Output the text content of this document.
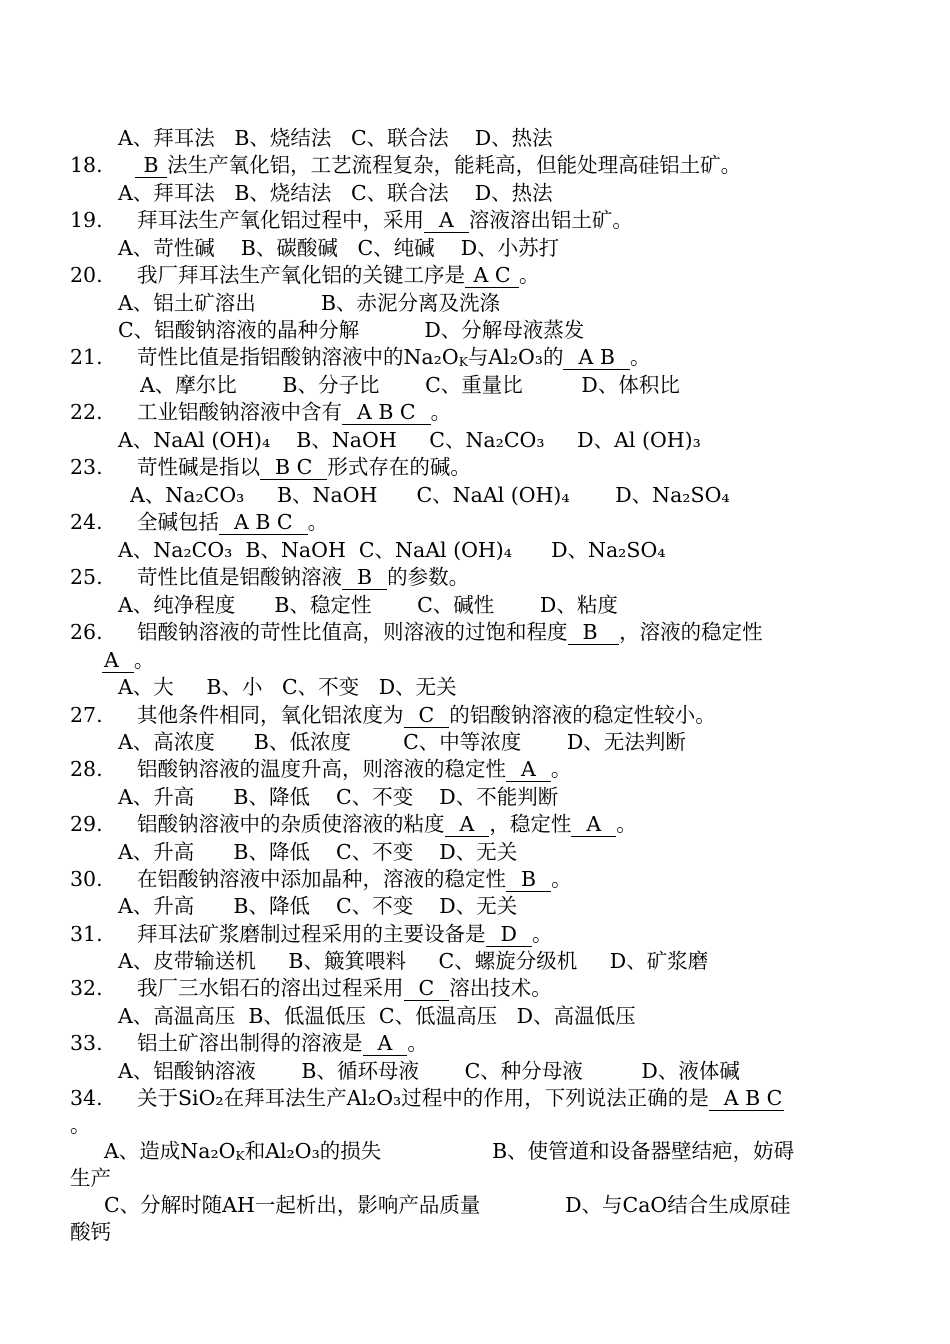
A、拜耳法   B、烧结法   C、联合法    D、热法
18. B 法生产氧化铝，工艺流程复杂，能耗高，但能处理高硅铝土矿。
A、拜耳法   B、烧结法   C、联合法    D、热法
19. 拜耳法生产氧化铝过程中，采用  A  溶液溶出铝土矿。
A、苛性碱    B、碳酸碱   C、纯碱    D、小苏打
20. 我厂拜耳法生产氧化铝的关键工序是 A C 。
A、铝土矿溶出          B、赤泥分离及洗涤
C、铝酸钠溶液的晶种分解          D、分解母液蒸发
21. 苛性比值是指铝酸钠溶液中的$Na_2O_K$与Al₂O₃的  A B  。
A、摩尔比       B、分子比       C、重量比         D、体积比
22. 工业铝酸钠溶液中含有  A B C  。
A、NaAl (OH)₄    B、NaOH     C、Na₂CO₃     D、Al (OH)₃
23. 苛性碱是指以  B C  形式存在的碱。
A、Na₂CO₃     B、NaOH      C、NaAl (OH)₄       D、Na₂SO₄
24. 全碱包括  A B C  。
A、Na₂CO₃  B、NaOH  C、NaAl (OH)₄      D、Na₂SO₄
25. 苛性比值是铝酸钠溶液  B  的参数。
A、纯净程度      B、稳定性       C、碱性       D、粘度
26. 铝酸钠溶液的苛性比值高，则溶液的过饱和程度  B   ，溶液的稳定性
A  。
A、大     B、小   C、不变   D、无关
27. 其他条件相同，氧化铝浓度为  C  的铝酸钠溶液的稳定性较小。
A、高浓度      B、低浓度        C、中等浓度       D、无法判断
28. 铝酸钠溶液的温度升高，则溶液的稳定性  A  。
A、升高      B、降低    C、不变    D、不能判断
29. 铝酸钠溶液中的杂质使溶液的粘度  A  ，稳定性  A  。
A、升高      B、降低    C、不变    D、无关
30. 在铝酸钠溶液中添加晶种，溶液的稳定性  B  。
A、升高      B、降低    C、不变    D、无关
31. 拜耳法矿浆磨制过程采用的主要设备是  D  。
A、皮带输送机     B、簸箕喂料     C、螺旋分级机     D、矿浆磨
32. 我厂三水铝石的溶出过程采用  C  溶出技术。
A、高温高压  B、低温低压  C、低温高压   D、高温低压
33. 铝土矿溶出制得的溶液是  A  。
A、铝酸钠溶液       B、循环母液       C、种分母液         D、液体碱
34. 关于SiO₂在拜耳法生产Al₂O₃过程中的作用，下列说法正确的是  A B C
。
A、造成$Na_2O_K$和Al₂O₃的损失                 B、使管道和设备器壁结疤，妨碍
生产
C、分解时随AH一起析出，影响产品质量             D、与CaO结合生成原硅
酸钙
